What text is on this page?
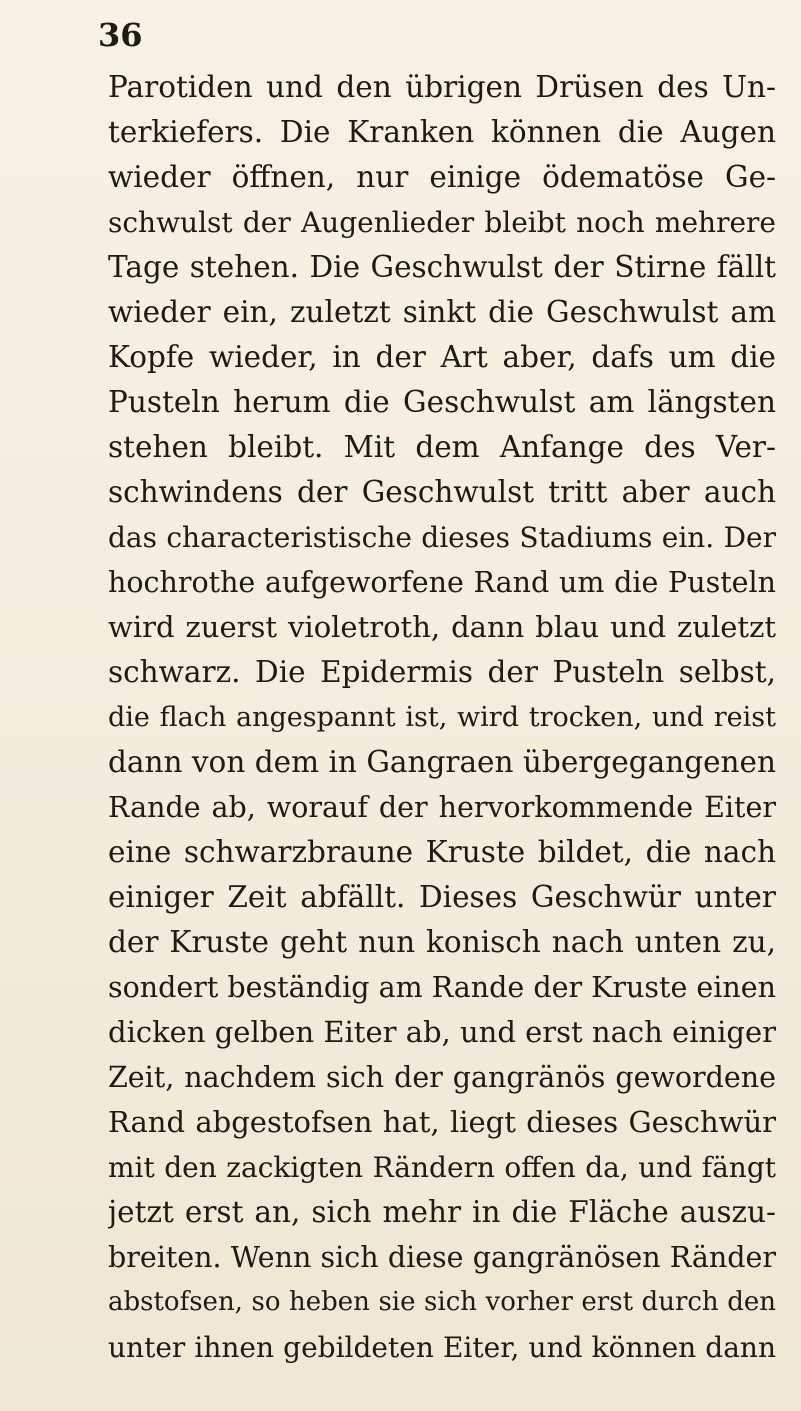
36
Parotiden und den übrigen Drüsen des Un-
terkiefers. Die Kranken können die Augen
wieder öffnen, nur einige ödematöse Ge-
schwulst der Augenlieder bleibt noch mehrere
Tage stehen. Die Geschwulst der Stirne fällt
wieder ein, zuletzt sinkt die Geschwulst am
Kopfe wieder, in der Art aber, dafs um die
Pusteln herum die Geschwulst am längsten
stehen bleibt. Mit dem Anfange des Ver-
schwindens der Geschwulst tritt aber auch
das characteristische dieses Stadiums ein. Der
hochrothe aufgeworfene Rand um die Pusteln
wird zuerst violetroth, dann blau und zuletzt
schwarz. Die Epidermis der Pusteln selbst,
die flach angespannt ist, wird trocken, und reist
dann von dem in Gangraen übergegangenen
Rande ab, worauf der hervorkommende Eiter
eine schwarzbraune Kruste bildet, die nach
einiger Zeit abfällt. Dieses Geschwür unter
der Kruste geht nun konisch nach unten zu,
sondert beständig am Rande der Kruste einen
dicken gelben Eiter ab, und erst nach einiger
Zeit, nachdem sich der gangränös gewordene
Rand abgestofsen hat, liegt dieses Geschwür
mit den zackigten Rändern offen da, und fängt
jetzt erst an, sich mehr in die Fläche auszu-
breiten. Wenn sich diese gangränösen Ränder
abstofsen, so heben sie sich vorher erst durch den
unter ihnen gebildeten Eiter, und können dann
